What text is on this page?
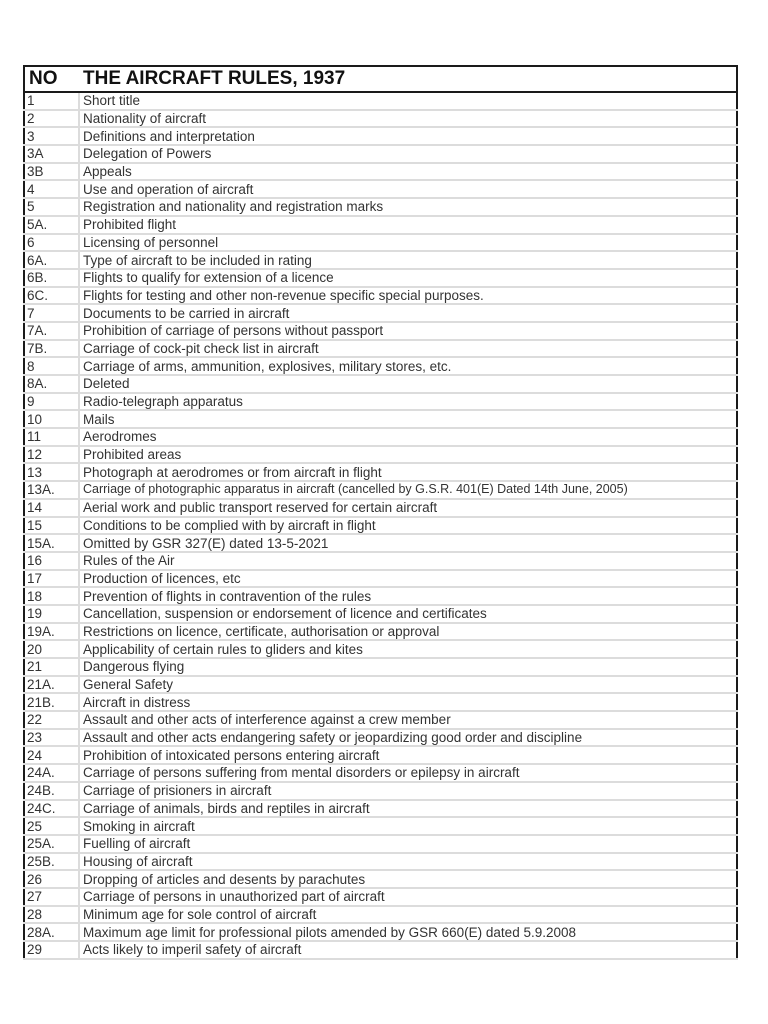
NO	THE AIRCRAFT RULES, 1937
1	Short title
2	Nationality of aircraft
3	Definitions and interpretation
3A	Delegation of Powers
3B	Appeals
4	Use and operation of aircraft
5	Registration and nationality and registration marks
5A.	Prohibited flight
6	Licensing of personnel
6A.	Type of aircraft to be included in rating
6B.	Flights to qualify for extension of a licence
6C.	Flights for testing and other non-revenue specific special purposes.
7	Documents to be carried in aircraft
7A.	Prohibition of carriage of persons without passport
7B.	Carriage of cock-pit check list in aircraft
8	Carriage of arms, ammunition, explosives, military stores, etc.
8A.	Deleted
9	Radio-telegraph apparatus
10	Mails
11	Aerodromes
12	Prohibited areas
13	Photograph at aerodromes or from aircraft in flight
13A.	Carriage of photographic apparatus in aircraft (cancelled by G.S.R. 401(E) Dated 14th June, 2005)
14	Aerial work and public transport reserved for certain aircraft
15	Conditions to be complied with by aircraft in flight
15A.	Omitted by GSR 327(E) dated 13-5-2021
16	Rules of the Air
17	Production of licences, etc
18	Prevention of flights in contravention of the rules
19	Cancellation, suspension or endorsement of licence and certificates
19A.	Restrictions on licence, certificate, authorisation or approval
20	Applicability of certain rules to gliders and kites
21	Dangerous flying
21A.	General Safety
21B.	Aircraft in distress
22	Assault and other acts of interference against a crew member
23	Assault and other acts endangering safety or jeopardizing good order and discipline
24	Prohibition of intoxicated persons entering aircraft
24A.	Carriage of persons suffering from mental disorders or epilepsy in aircraft
24B.	Carriage of prisioners in aircraft
24C.	Carriage of animals, birds and reptiles in aircraft
25	Smoking in aircraft
25A.	Fuelling of aircraft
25B.	Housing of aircraft
26	Dropping of articles and desents by parachutes
27	Carriage of persons in unauthorized part of aircraft
28	Minimum age for sole control of aircraft
28A.	Maximum age limit for professional pilots amended by GSR 660(E) dated 5.9.2008
29	Acts likely to imperil safety of aircraft
